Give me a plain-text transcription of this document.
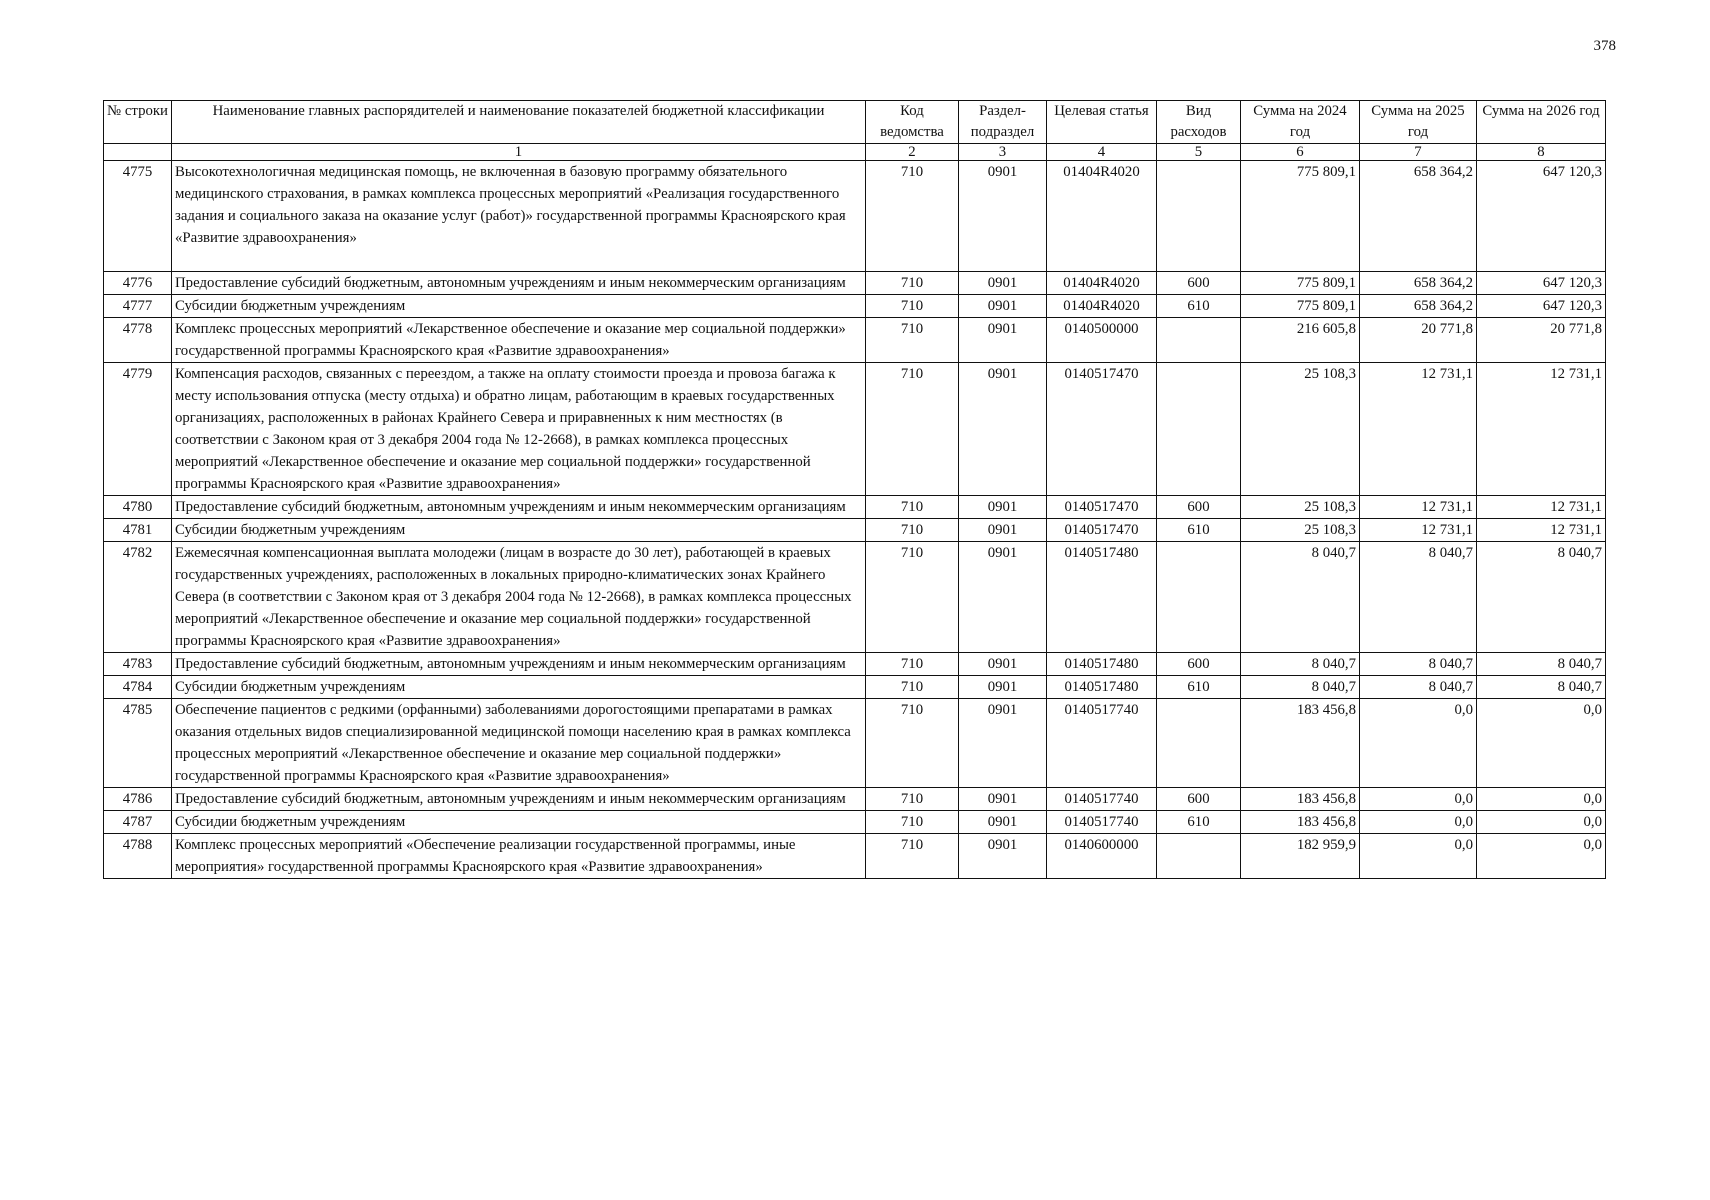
378
№ строки	Наименование главных распорядителей и наименование показателей бюджетной классификации	Код ведомства	Раздел-подраздел	Целевая статья	Вид расходов	Сумма на 2024 год	Сумма на 2025 год	Сумма на 2026 год
	1	2	3	4	5	6	7	8
4775	Высокотехнологичная медицинская помощь, не включенная в базовую программу обязательного медицинского страхования, в рамках комплекса процессных мероприятий «Реализация государственного задания и социального заказа на оказание услуг (работ)» государственной программы Красноярского края «Развитие здравоохранения»	710	0901	01404R4020		775 809,1	658 364,2	647 120,3
4776	Предоставление субсидий бюджетным, автономным учреждениям и иным некоммерческим организациям	710	0901	01404R4020	600	775 809,1	658 364,2	647 120,3
4777	Субсидии бюджетным учреждениям	710	0901	01404R4020	610	775 809,1	658 364,2	647 120,3
4778	Комплекс процессных мероприятий «Лекарственное обеспечение и оказание мер социальной поддержки» государственной программы Красноярского края «Развитие здравоохранения»	710	0901	0140500000		216 605,8	20 771,8	20 771,8
4779	Компенсация расходов, связанных с переездом, а также на оплату стоимости проезда и провоза багажа к месту использования отпуска (месту отдыха) и обратно лицам, работающим в краевых государственных организациях, расположенных в районах Крайнего Севера и приравненных к ним местностях (в соответствии с Законом края от 3 декабря 2004 года № 12-2668), в рамках комплекса процессных мероприятий «Лекарственное обеспечение и оказание мер социальной поддержки» государственной программы Красноярского края «Развитие здравоохранения»	710	0901	0140517470		25 108,3	12 731,1	12 731,1
4780	Предоставление субсидий бюджетным, автономным учреждениям и иным некоммерческим организациям	710	0901	0140517470	600	25 108,3	12 731,1	12 731,1
4781	Субсидии бюджетным учреждениям	710	0901	0140517470	610	25 108,3	12 731,1	12 731,1
4782	Ежемесячная компенсационная выплата молодежи (лицам в возрасте до 30 лет), работающей в краевых государственных учреждениях, расположенных в локальных природно-климатических зонах Крайнего Севера (в соответствии с Законом края от 3 декабря 2004 года № 12-2668), в рамках комплекса процессных мероприятий «Лекарственное обеспечение и оказание мер социальной поддержки» государственной программы Красноярского края «Развитие здравоохранения»	710	0901	0140517480		8 040,7	8 040,7	8 040,7
4783	Предоставление субсидий бюджетным, автономным учреждениям и иным некоммерческим организациям	710	0901	0140517480	600	8 040,7	8 040,7	8 040,7
4784	Субсидии бюджетным учреждениям	710	0901	0140517480	610	8 040,7	8 040,7	8 040,7
4785	Обеспечение пациентов с редкими (орфанными) заболеваниями дорогостоящими препаратами в рамках оказания отдельных видов специализированной медицинской помощи населению края в рамках комплекса процессных мероприятий «Лекарственное обеспечение и оказание мер социальной поддержки» государственной программы Красноярского края «Развитие здравоохранения»	710	0901	0140517740		183 456,8	0,0	0,0
4786	Предоставление субсидий бюджетным, автономным учреждениям и иным некоммерческим организациям	710	0901	0140517740	600	183 456,8	0,0	0,0
4787	Субсидии бюджетным учреждениям	710	0901	0140517740	610	183 456,8	0,0	0,0
4788	Комплекс процессных мероприятий «Обеспечение реализации государственной программы, иные мероприятия» государственной программы Красноярского края «Развитие здравоохранения»	710	0901	0140600000		182 959,9	0,0	0,0
